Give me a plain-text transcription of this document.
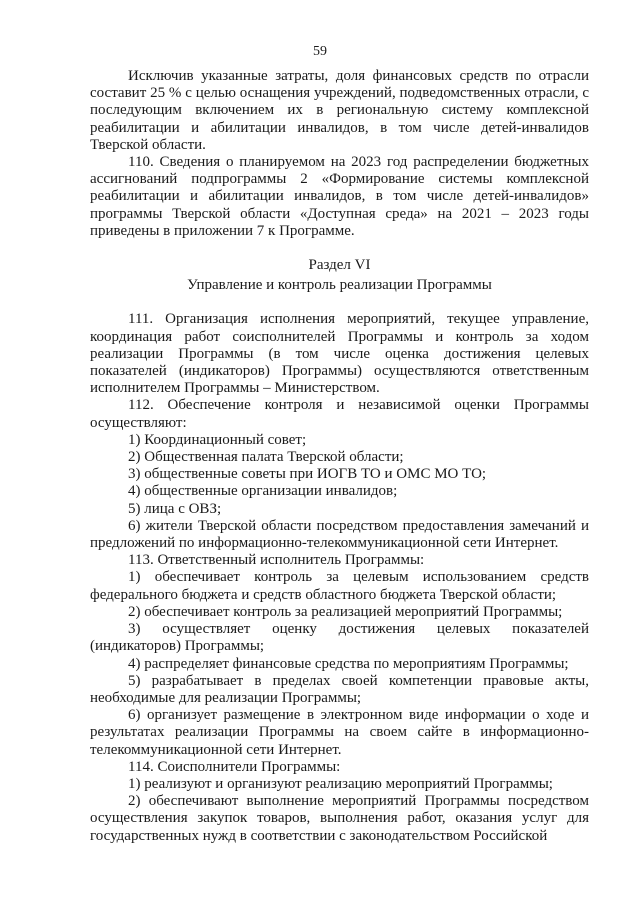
59

Исключив указанные затраты, доля финансовых средств по отрасли составит 25 % с целью оснащения учреждений, подведомственных отрасли, с последующим включением их в региональную систему комплексной реабилитации и абилитации инвалидов, в том числе детей-инвалидов Тверской области.

110. Сведения о планируемом на 2023 год распределении бюджетных ассигнований подпрограммы 2 «Формирование системы комплексной реабилитации и абилитации инвалидов, в том числе детей-инвалидов» программы Тверской области «Доступная среда» на 2021 – 2023 годы приведены в приложении 7 к Программе.

Раздел VI

Управление и контроль реализации Программы

111. Организация исполнения мероприятий, текущее управление, координация работ соисполнителей Программы и контроль за ходом реализации Программы (в том числе оценка достижения целевых показателей (индикаторов) Программы) осуществляются ответственным исполнителем Программы – Министерством.

112. Обеспечение контроля и независимой оценки Программы осуществляют:

1) Координационный совет;

2) Общественная палата Тверской области;

3) общественные советы при ИОГВ ТО и ОМС МО ТО;

4) общественные организации инвалидов;

5) лица с ОВЗ;

6) жители Тверской области посредством предоставления замечаний и предложений по информационно-телекоммуникационной сети Интернет.

113. Ответственный исполнитель Программы:

1) обеспечивает контроль за целевым использованием средств федерального бюджета и средств областного бюджета Тверской области;

2) обеспечивает контроль за реализацией мероприятий Программы;

3) осуществляет оценку достижения целевых показателей (индикаторов) Программы;

4) распределяет финансовые средства по мероприятиям Программы;

5) разрабатывает в пределах своей компетенции правовые акты, необходимые для реализации Программы;

6) организует размещение в электронном виде информации о ходе и результатах реализации Программы на своем сайте в информационно-телекоммуникационной сети Интернет.

114. Соисполнители Программы:

1) реализуют и организуют реализацию мероприятий Программы;

2) обеспечивают выполнение мероприятий Программы посредством осуществления закупок товаров, выполнения работ, оказания услуг для государственных нужд в соответствии с законодательством Российской
